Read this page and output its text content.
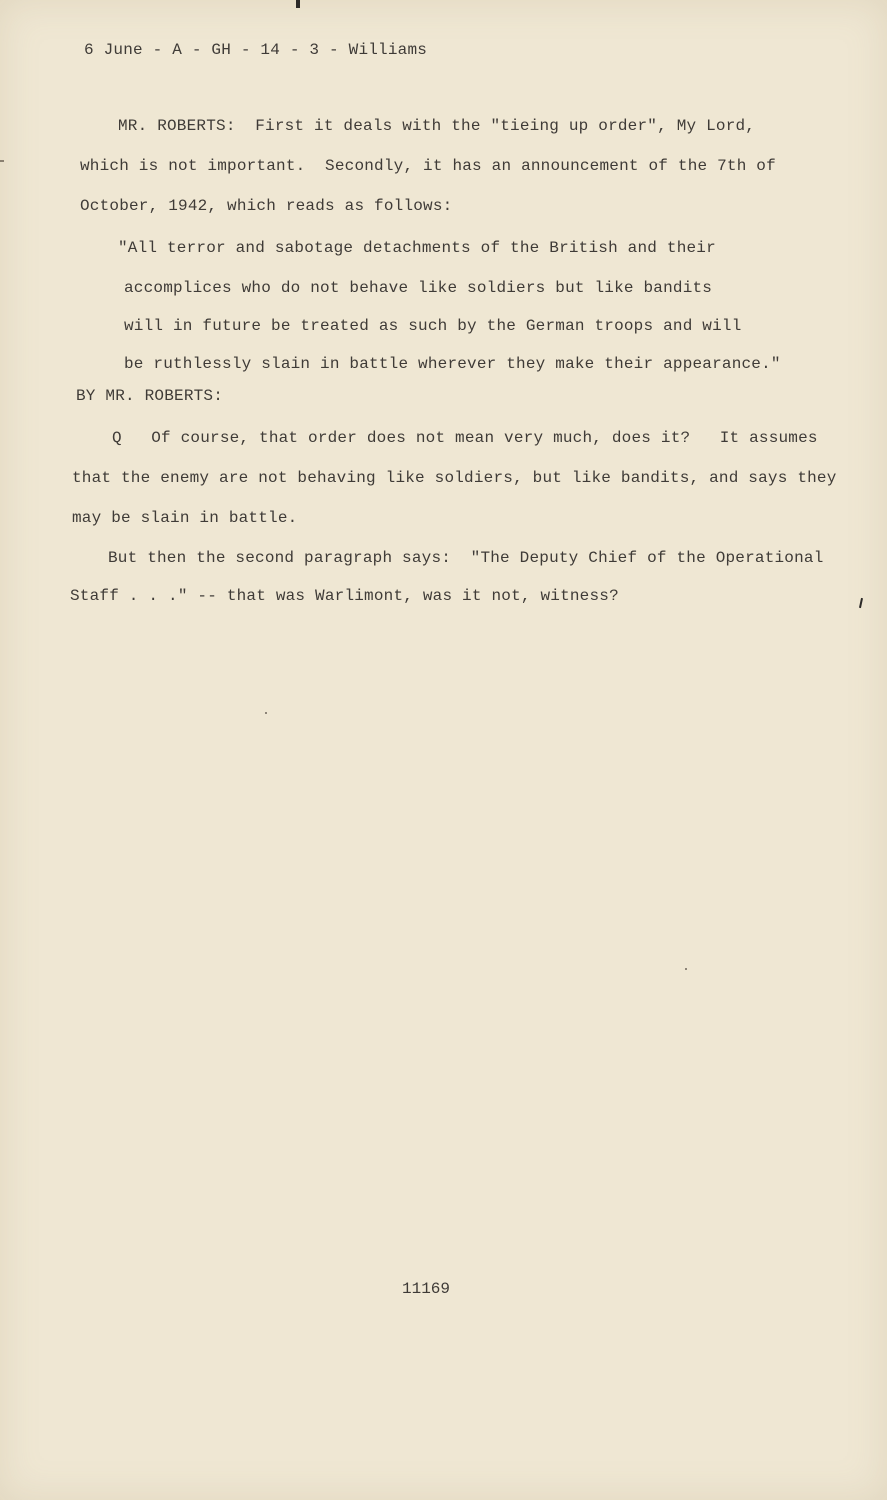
6 June - A - GH - 14 - 3 - Williams
MR. ROBERTS:  First it deals with the "tieing up order", My Lord,
which is not important.  Secondly, it has an announcement of the 7th of
October, 1942, which reads as follows:
"All terror and sabotage detachments of the British and their
accomplices who do not behave like soldiers but like bandits
will in future be treated as such by the German troops and will
be ruthlessly slain in battle wherever they make their appearance."
BY MR. ROBERTS:
Q   Of course, that order does not mean very much, does it?   It assumes
that the enemy are not behaving like soldiers, but like bandits, and says they
may be slain in battle.
But then the second paragraph says:  "The Deputy Chief of the Operational
Staff . . ." -- that was Warlimont, was it not, witness?
11169
